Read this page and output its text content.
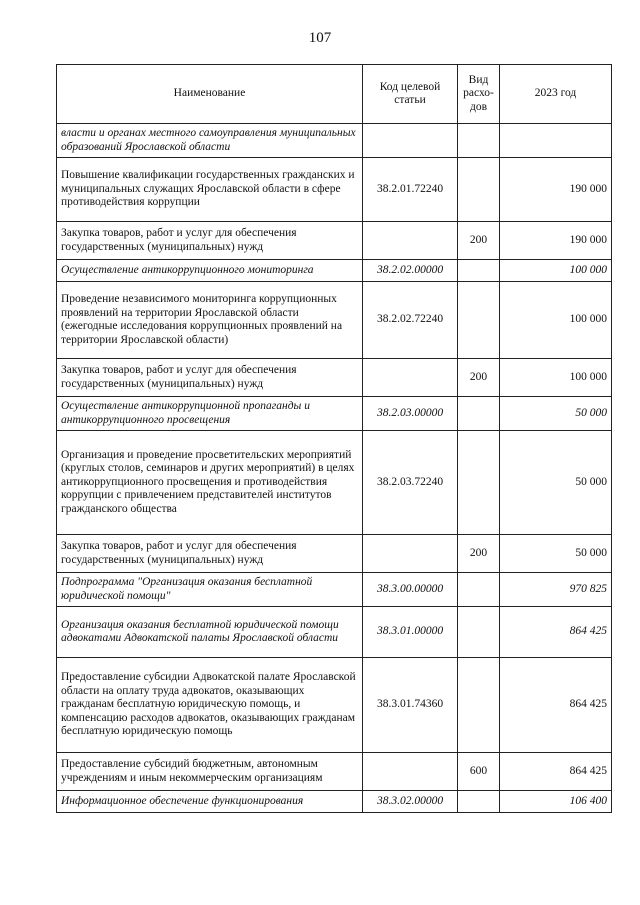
107
Наименование	Код целевой статьи	Вид расхо-дов	2023 год
власти и органах местного самоуправления муниципальных образований Ярославской области			
Повышение квалификации государственных гражданских и муниципальных служащих Ярославской области в сфере противодействия коррупции	38.2.01.72240		190 000
Закупка товаров, работ и услуг для обеспечения государственных (муниципальных) нужд		200	190 000
Осуществление антикоррупционного мониторинга	38.2.02.00000		100 000
Проведение независимого мониторинга коррупционных проявлений на территории Ярославской области (ежегодные исследования коррупционных проявлений на территории Ярославской области)	38.2.02.72240		100 000
Закупка товаров, работ и услуг для обеспечения государственных (муниципальных) нужд		200	100 000
Осуществление антикоррупционной пропаганды и антикоррупционного просвещения	38.2.03.00000		50 000
Организация и проведение просветительских мероприятий (круглых столов, семинаров и других мероприятий) в целях антикоррупционного просвещения и противодействия коррупции с привлечением представителей институтов гражданского общества	38.2.03.72240		50 000
Закупка товаров, работ и услуг для обеспечения государственных (муниципальных) нужд		200	50 000
Подпрограмма "Организация оказания бесплатной юридической помощи"	38.3.00.00000		970 825
Организация оказания бесплатной юридической помощи адвокатами Адвокатской палаты Ярославской области	38.3.01.00000		864 425
Предоставление субсидии Адвокатской палате Ярославской области на оплату труда адвокатов, оказывающих гражданам бесплатную юридическую помощь, и компенсацию расходов адвокатов, оказывающих гражданам бесплатную юридическую помощь	38.3.01.74360		864 425
Предоставление субсидий бюджетным, автономным учреждениям и иным некоммерческим организациям		600	864 425
Информационное обеспечение функционирования	38.3.02.00000		106 400
